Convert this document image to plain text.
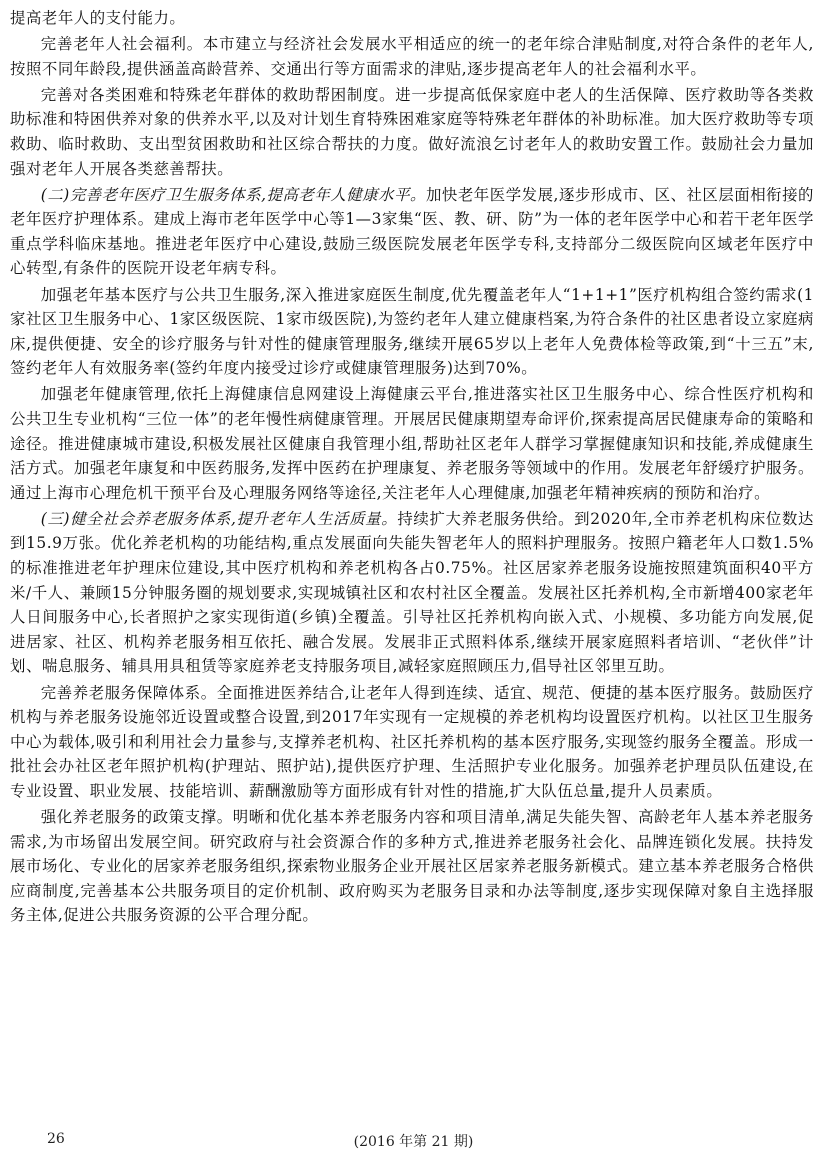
提高老年人的支付能力。

完善老年人社会福利。本市建立与经济社会发展水平相适应的统一的老年综合津贴制度,对符合条件的老年人,按照不同年龄段,提供涵盖高龄营养、交通出行等方面需求的津贴,逐步提高老年人的社会福利水平。

完善对各类困难和特殊老年群体的救助帮困制度。进一步提高低保家庭中老人的生活保障、医疗救助等各类救助标准和特困供养对象的供养水平,以及对计划生育特殊困难家庭等特殊老年群体的补助标准。加大医疗救助等专项救助、临时救助、支出型贫困救助和社区综合帮扶的力度。做好流浪乞讨老年人的救助安置工作。鼓励社会力量加强对老年人开展各类慈善帮扶。

(二)完善老年医疗卫生服务体系,提高老年人健康水平。加快老年医学发展,逐步形成市、区、社区层面相衔接的老年医疗护理体系。建成上海市老年医学中心等1—3家集“医、教、研、防”为一体的老年医学中心和若干老年医学重点学科临床基地。推进老年医疗中心建设,鼓励三级医院发展老年医学专科,支持部分二级医院向区域老年医疗中心转型,有条件的医院开设老年病专科。

加强老年基本医疗与公共卫生服务,深入推进家庭医生制度,优先覆盖老年人“1+1+1”医疗机构组合签约需求(1家社区卫生服务中心、1家区级医院、1家市级医院),为签约老年人建立健康档案,为符合条件的社区患者设立家庭病床,提供便捷、安全的诊疗服务与针对性的健康管理服务,继续开展65岁以上老年人免费体检等政策,到“十三五”末,签约老年人有效服务率(签约年度内接受过诊疗或健康管理服务)达到70%。

加强老年健康管理,依托上海健康信息网建设上海健康云平台,推进落实社区卫生服务中心、综合性医疗机构和公共卫生专业机构“三位一体”的老年慢性病健康管理。开展居民健康期望寿命评价,探索提高居民健康寿命的策略和途径。推进健康城市建设,积极发展社区健康自我管理小组,帮助社区老年人群学习掌握健康知识和技能,养成健康生活方式。加强老年康复和中医药服务,发挥中医药在护理康复、养老服务等领域中的作用。发展老年舒缓疗护服务。通过上海市心理危机干预平台及心理服务网络等途径,关注老年人心理健康,加强老年精神疾病的预防和治疗。

(三)健全社会养老服务体系,提升老年人生活质量。持续扩大养老服务供给。到2020年,全市养老机构床位数达到15.9万张。优化养老机构的功能结构,重点发展面向失能失智老年人的照料护理服务。按照户籍老年人口数1.5%的标准推进老年护理床位建设,其中医疗机构和养老机构各占0.75%。社区居家养老服务设施按照建筑面积40平方米/千人、兼顾15分钟服务圈的规划要求,实现城镇社区和农村社区全覆盖。发展社区托养机构,全市新增400家老年人日间服务中心,长者照护之家实现街道(乡镇)全覆盖。引导社区托养机构向嵌入式、小规模、多功能方向发展,促进居家、社区、机构养老服务相互依托、融合发展。发展非正式照料体系,继续开展家庭照料者培训、“老伙伴”计划、喘息服务、辅具用具租赁等家庭养老支持服务项目,减轻家庭照顾压力,倡导社区邻里互助。

完善养老服务保障体系。全面推进医养结合,让老年人得到连续、适宜、规范、便捷的基本医疗服务。鼓励医疗机构与养老服务设施邻近设置或整合设置,到2017年实现有一定规模的养老机构均设置医疗机构。以社区卫生服务中心为载体,吸引和利用社会力量参与,支撑养老机构、社区托养机构的基本医疗服务,实现签约服务全覆盖。形成一批社会办社区老年照护机构(护理站、照护站),提供医疗护理、生活照护专业化服务。加强养老护理员队伍建设,在专业设置、职业发展、技能培训、薪酬激励等方面形成有针对性的措施,扩大队伍总量,提升人员素质。

强化养老服务的政策支撑。明晰和优化基本养老服务内容和项目清单,满足失能失智、高龄老年人基本养老服务需求,为市场留出发展空间。研究政府与社会资源合作的多种方式,推进养老服务社会化、品牌连锁化发展。扶持发展市场化、专业化的居家养老服务组织,探索物业服务企业开展社区居家养老服务新模式。建立基本养老服务合格供应商制度,完善基本公共服务项目的定价机制、政府购买为老服务目录和办法等制度,逐步实现保障对象自主选择服务主体,促进公共服务资源的公平合理分配。

26	(2016 年第 21 期)
